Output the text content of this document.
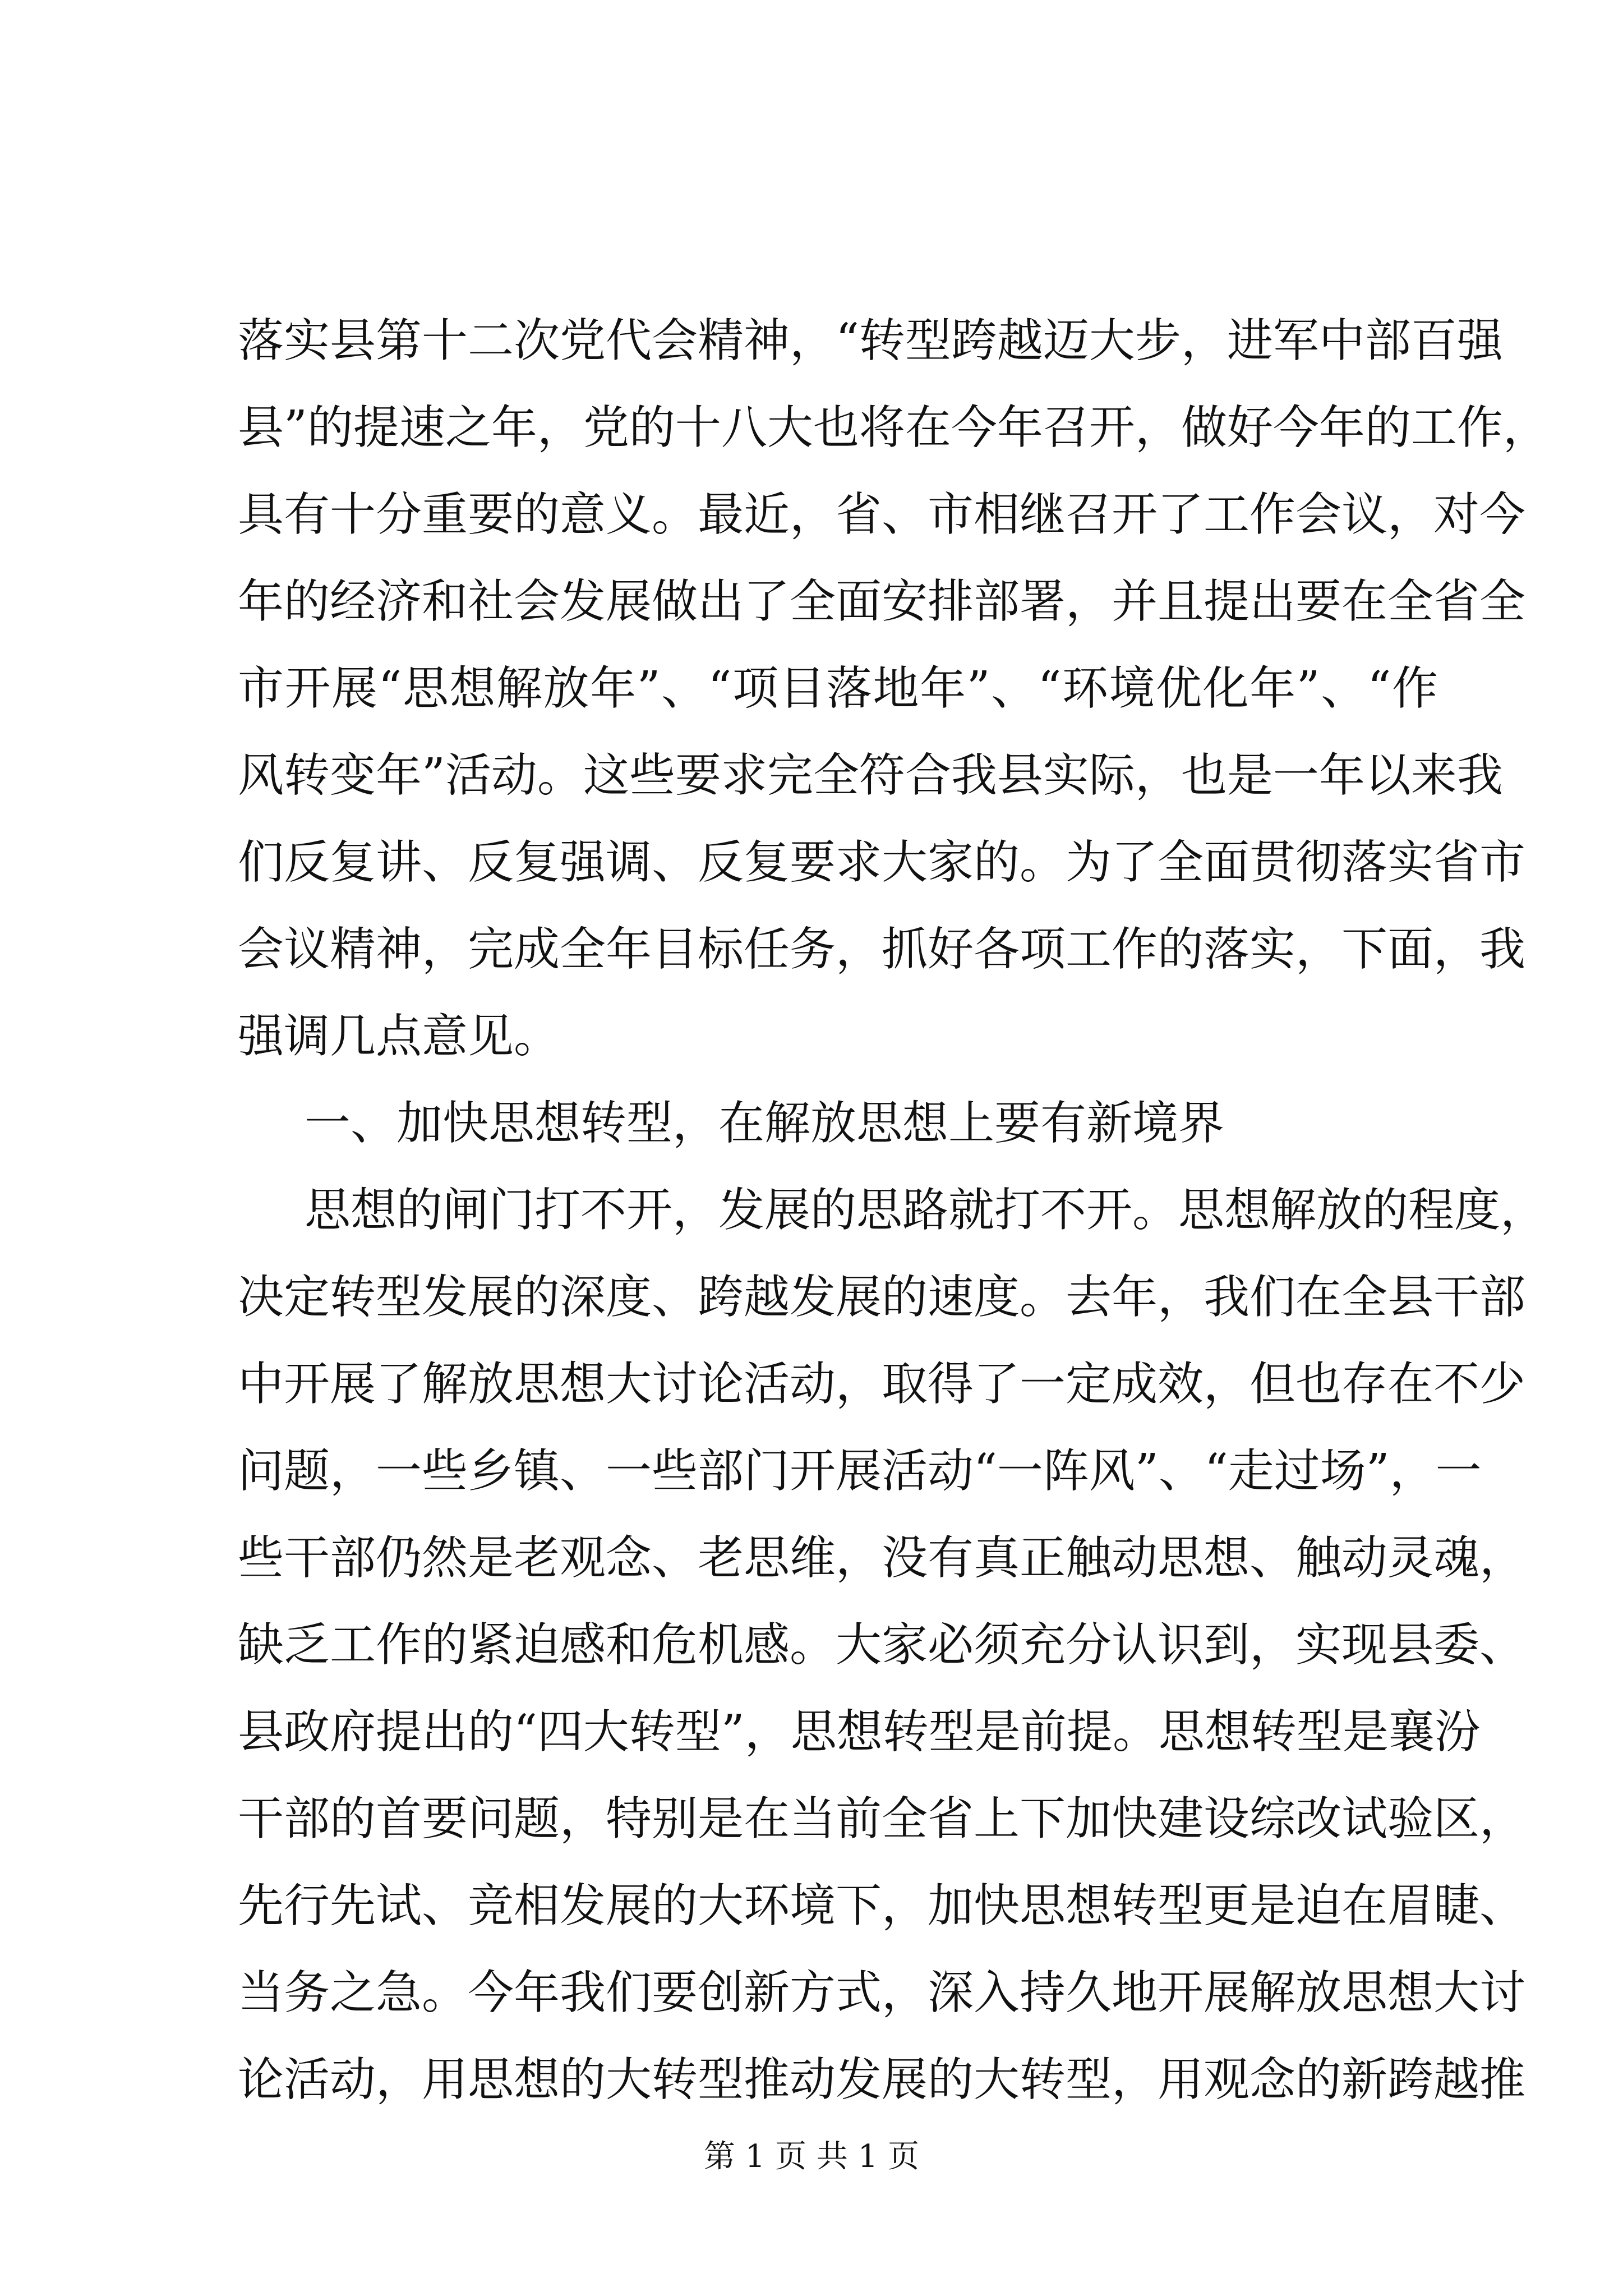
落实县第十二次党代会精神，“转型跨越迈大步，进军中部百强
县”的提速之年，党的十八大也将在今年召开，做好今年的工作，
具有十分重要的意义。最近，省、市相继召开了工作会议，对今
年的经济和社会发展做出了全面安排部署，并且提出要在全省全
市开展“思想解放年”、“项目落地年”、“环境优化年”、“作
风转变年”活动。这些要求完全符合我县实际，也是一年以来我
们反复讲、反复强调、反复要求大家的。为了全面贯彻落实省市
会议精神，完成全年目标任务，抓好各项工作的落实，下面，我
强调几点意见。
一、加快思想转型，在解放思想上要有新境界
思想的闸门打不开，发展的思路就打不开。思想解放的程度，
决定转型发展的深度、跨越发展的速度。去年，我们在全县干部
中开展了解放思想大讨论活动，取得了一定成效，但也存在不少
问题，一些乡镇、一些部门开展活动“一阵风”、“走过场”，一
些干部仍然是老观念、老思维，没有真正触动思想、触动灵魂，
缺乏工作的紧迫感和危机感。大家必须充分认识到，实现县委、
县政府提出的“四大转型”，思想转型是前提。思想转型是襄汾
干部的首要问题，特别是在当前全省上下加快建设综改试验区，
先行先试、竞相发展的大环境下，加快思想转型更是迫在眉睫、
当务之急。今年我们要创新方式，深入持久地开展解放思想大讨
论活动，用思想的大转型推动发展的大转型，用观念的新跨越推
第 1 页 共 1 页
